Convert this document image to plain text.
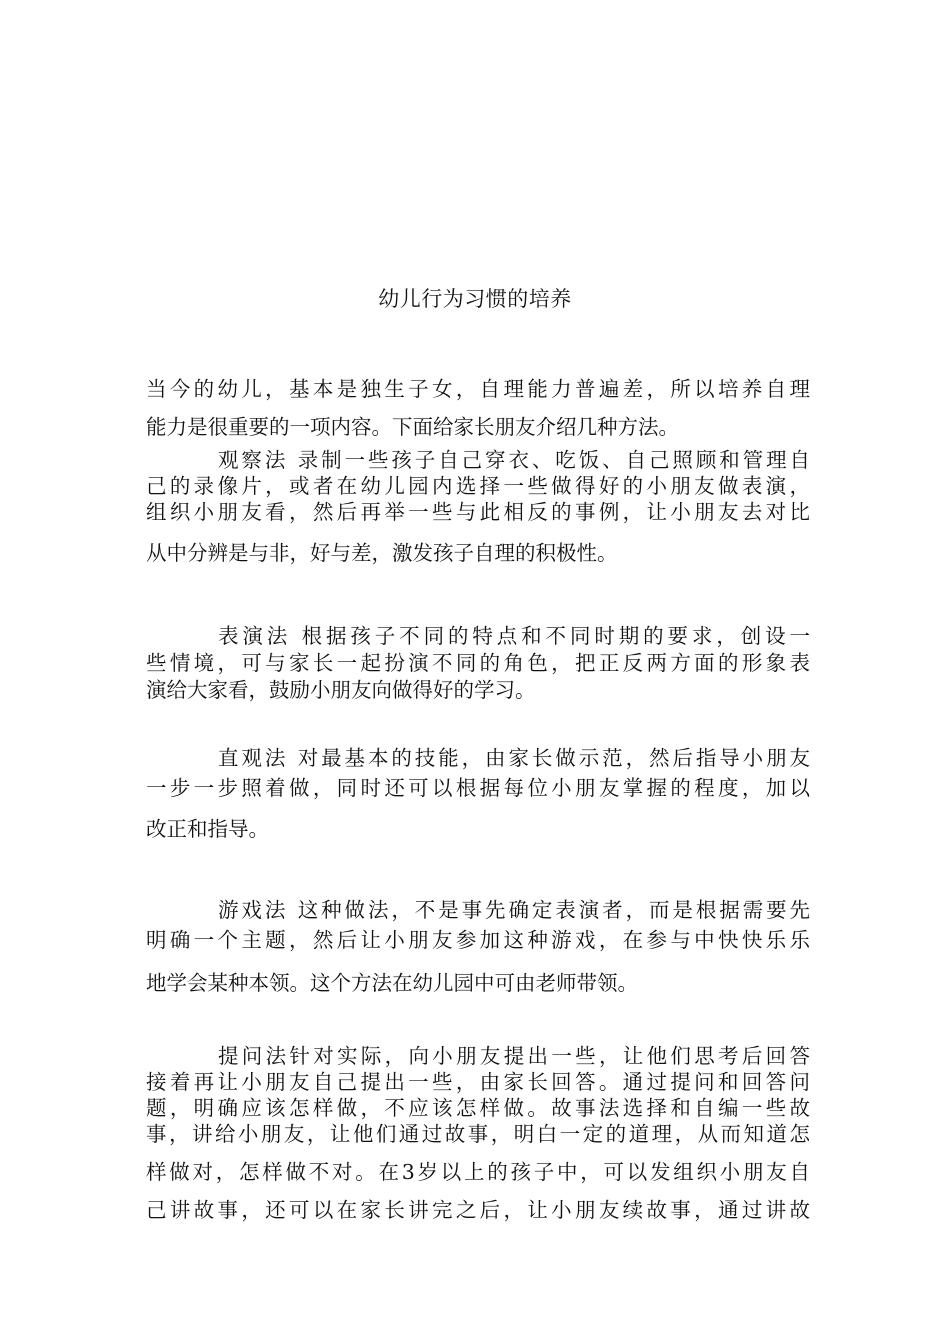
幼儿行为习惯的培养

当今的幼儿，基本是独生子女，自理能力普遍差，所以培养自理
能力是很重要的一项内容。下面给家长朋友介绍几种方法。

观察法 录制一些孩子自己穿衣、吃饭、自己照顾和管理自
己的录像片，或者在幼儿园内选择一些做得好的小朋友做表演，
组织小朋友看，然后再举一些与此相反的事例，让小朋友去对比
从中分辨是与非，好与差，激发孩子自理的积极性。

表演法 根据孩子不同的特点和不同时期的要求，创设一
些情境，可与家长一起扮演不同的角色，把正反两方面的形象表
演给大家看，鼓励小朋友向做得好的学习。

直观法 对最基本的技能，由家长做示范，然后指导小朋友
一步一步照着做，同时还可以根据每位小朋友掌握的程度，加以
改正和指导。

游戏法 这种做法，不是事先确定表演者，而是根据需要先
明确一个主题，然后让小朋友参加这种游戏，在参与中快快乐乐
地学会某种本领。这个方法在幼儿园中可由老师带领。

提问法针对实际，向小朋友提出一些，让他们思考后回答
接着再让小朋友自己提出一些，由家长回答。通过提问和回答问
题，明确应该怎样做，不应该怎样做。故事法选择和自编一些故
事，讲给小朋友，让他们通过故事，明白一定的道理，从而知道怎
样做对，怎样做不对。在3岁以上的孩子中，可以发组织小朋友自
己讲故事，还可以在家长讲完之后，让小朋友续故事，通过讲故
